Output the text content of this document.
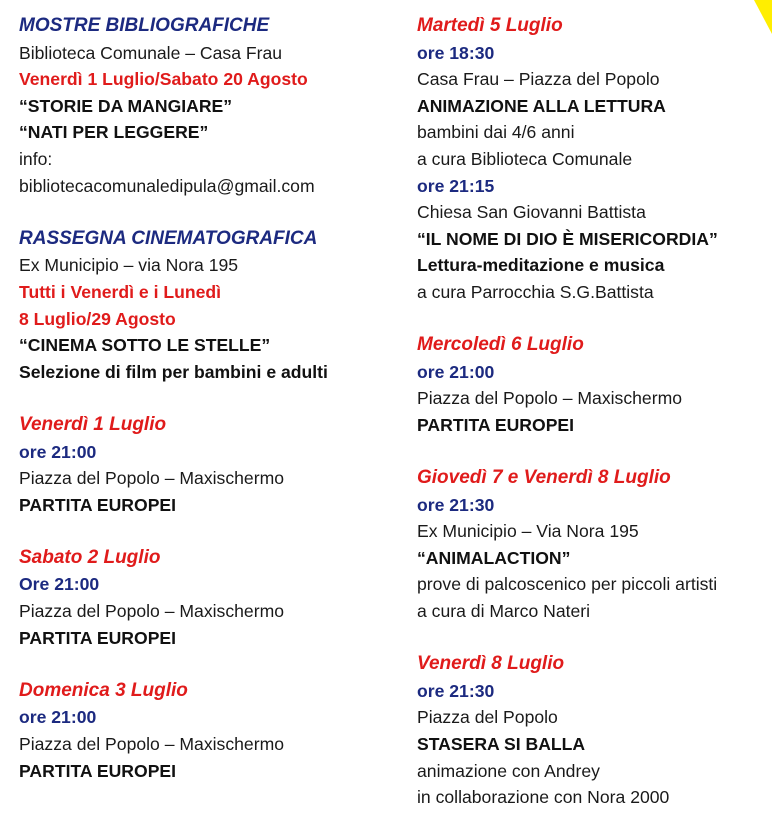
MOSTRE BIBLIOGRAFICHE
Biblioteca Comunale – Casa Frau
Venerdì 1 Luglio/Sabato 20 Agosto
“STORIE DA MANGIARE”
“NATI PER LEGGERE”
info:
bibliotecacomunaledipula@gmail.com
RASSEGNA CINEMATOGRAFICA
Ex Municipio – via Nora 195
Tutti i Venerdì e i Lunedì
8 Luglio/29 Agosto
“CINEMA SOTTO LE STELLE”
Selezione di film per bambini e adulti
Venerdì 1 Luglio
ore 21:00
Piazza del Popolo – Maxischermo
PARTITA EUROPEI
Sabato 2 Luglio
Ore 21:00
Piazza del Popolo – Maxischermo
PARTITA EUROPEI
Domenica 3 Luglio
ore 21:00
Piazza del Popolo – Maxischermo
PARTITA EUROPEI
Martedì 5 Luglio
ore 18:30
Casa Frau – Piazza del Popolo
ANIMAZIONE ALLA LETTURA
bambini dai 4/6 anni
a cura Biblioteca Comunale
ore 21:15
Chiesa San Giovanni Battista
“IL NOME DI DIO È MISERICORDIA”
Lettura-meditazione e musica
a cura Parrocchia S.G.Battista
Mercoledì 6 Luglio
ore 21:00
Piazza del Popolo – Maxischermo
PARTITA EUROPEI
Giovedì 7 e Venerdì 8 Luglio
ore 21:30
Ex Municipio – Via Nora 195
“ANIMALACTION”
prove di palcoscenico per piccoli artisti
a cura di Marco Nateri
Venerdì 8 Luglio
ore 21:30
Piazza del Popolo
STASERA SI BALLA
animazione con Andrey
in collaborazione con Nora 2000
